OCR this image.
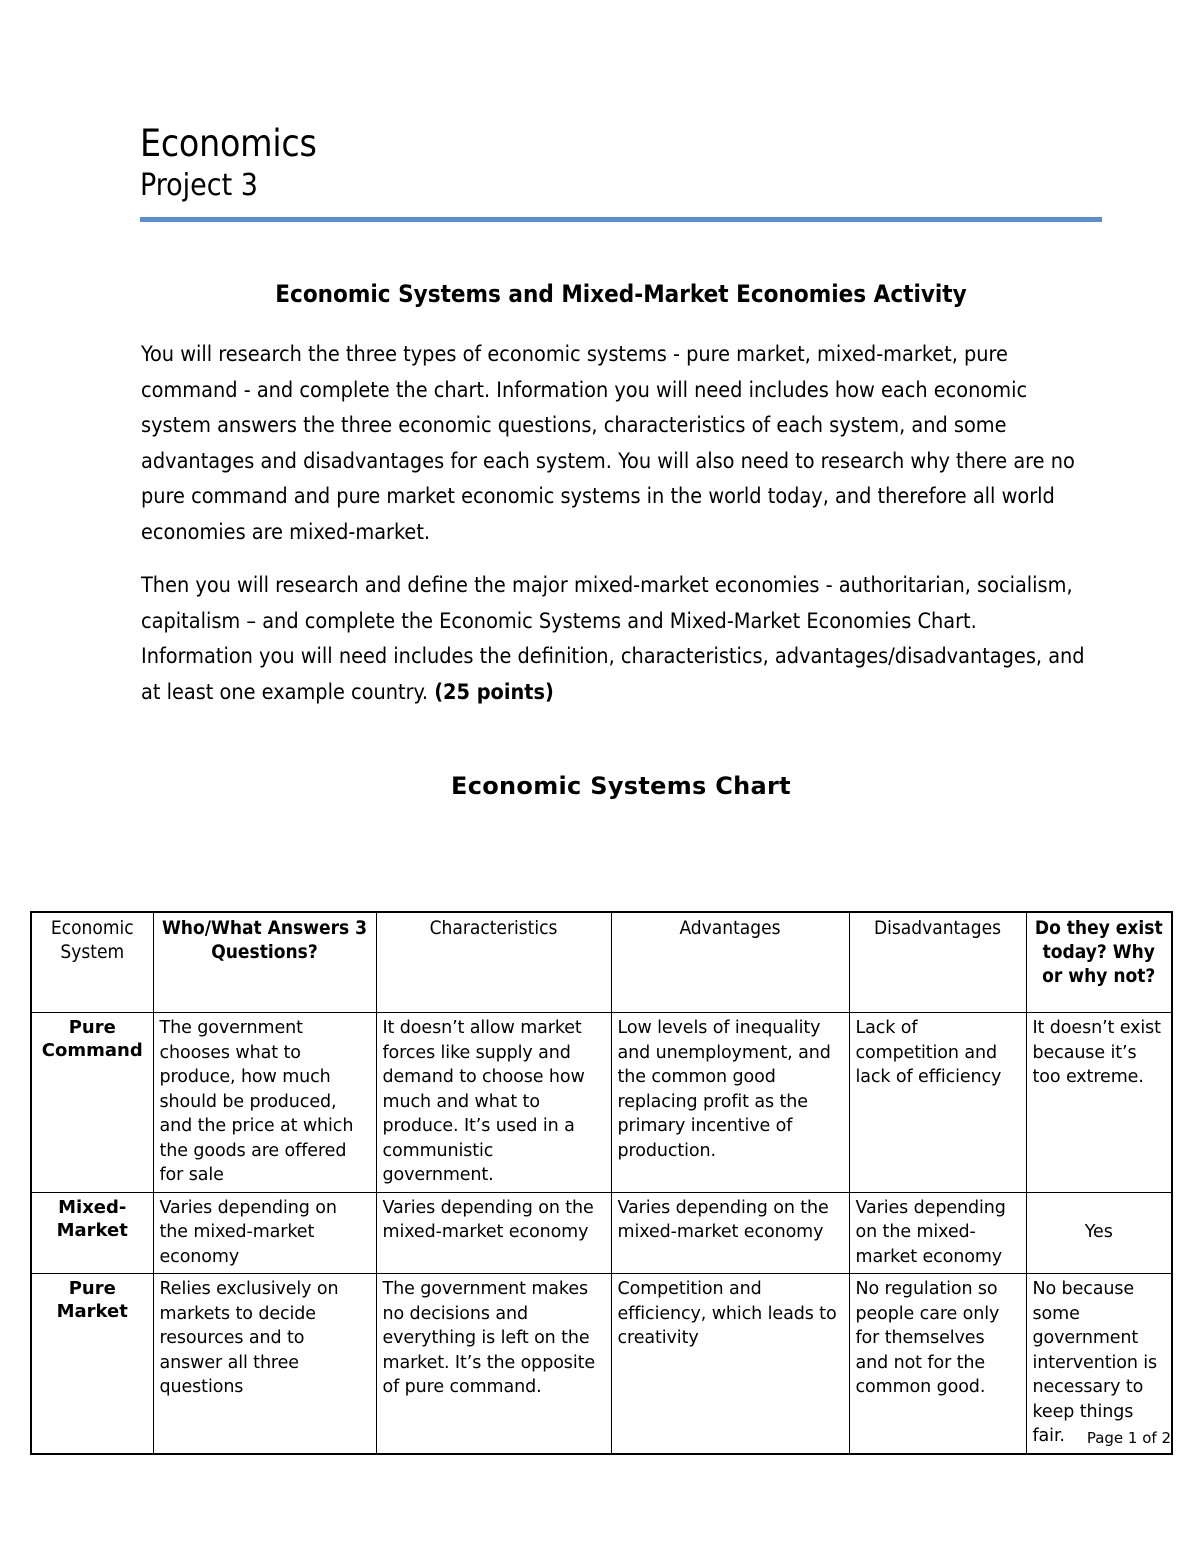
Economics
Project 3
Economic Systems and Mixed-Market Economies Activity

You will research the three types of economic systems - pure market, mixed-market, pure command - and complete the chart. Information you will need includes how each economic system answers the three economic questions, characteristics of each system, and some advantages and disadvantages for each system. You will also need to research why there are no pure command and pure market economic systems in the world today, and therefore all world economies are mixed-market.

Then you will research and define the major mixed-market economies - authoritarian, socialism, capitalism – and complete the Economic Systems and Mixed-Market Economies Chart. Information you will need includes the definition, characteristics, advantages/disadvantages, and at least one example country. (25 points)

Economic Systems Chart
Economic System	Who/What Answers 3 Questions?	Characteristics	Advantages	Disadvantages	Do they exist today? Why or why not?
Pure Command	The government chooses what to produce, how much should be produced, and the price at which the goods are offered for sale	It doesn’t allow market forces like supply and demand to choose how much and what to produce. It’s used in a communistic government.	Low levels of inequality and unemployment, and the common good replacing profit as the primary incentive of production.	Lack of competition and lack of efficiency	It doesn’t exist because it’s too extreme.
Mixed-Market	Varies depending on the mixed-market economy	Varies depending on the mixed-market economy	Varies depending on the mixed-market economy	Varies depending on the mixed-market economy	Yes
Pure Market	Relies exclusively on markets to decide resources and to answer all three questions	The government makes no decisions and everything is left on the market. It’s the opposite of pure command.	Competition and efficiency, which leads to creativity	No regulation so people care only for themselves and not for the common good.	No because some government intervention is necessary to keep things fair.	Page 1 of 2
